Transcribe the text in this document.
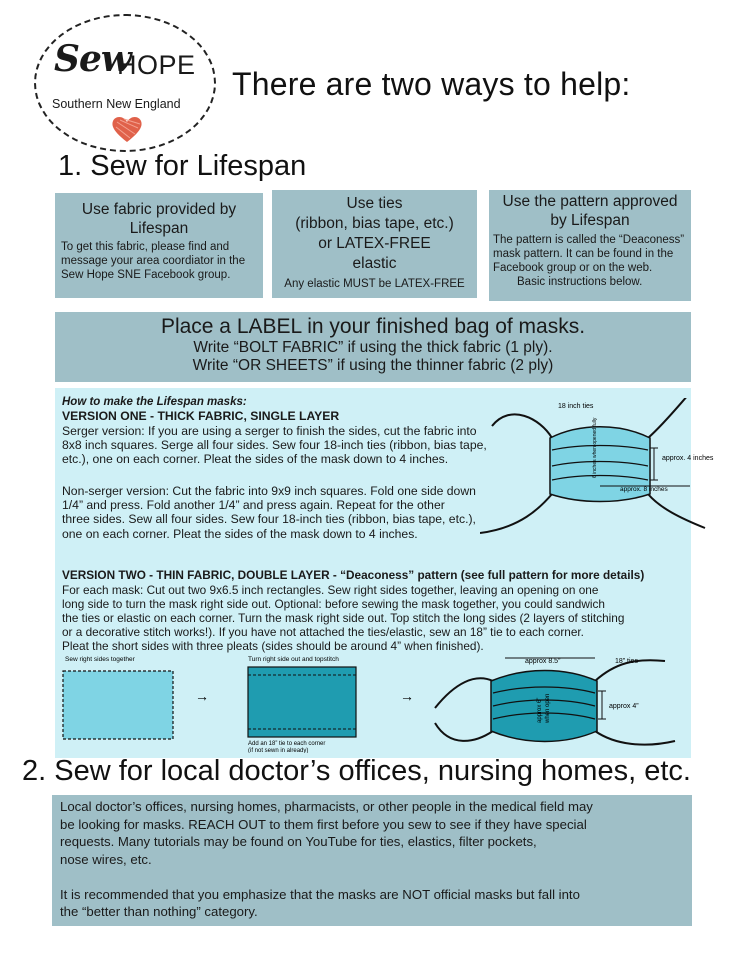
Sew
HOPE
Southern New England
There are two ways to help:
1. Sew for Lifespan
Use fabric provided by Lifespan
To get this fabric, please find and message your area coordiator in the Sew Hope SNE Facebook group.
Use ties
(ribbon, bias tape, etc.)
or LATEX-FREE
elastic
Any elastic MUST be LATEX-FREE
Use the pattern approved by Lifespan
The pattern is called the “Deaconess” mask pattern. It can be found in the Facebook group or on the web.
Basic instructions below.
Place a LABEL in your finished bag of masks.
Write “BOLT FABRIC” if using the thick fabric (1 ply).
Write “OR SHEETS” if using the thinner fabric (2 ply)
How to make the Lifespan masks:
VERSION ONE - THICK FABRIC, SINGLE LAYER
Serger version: If you are using a serger to finish the sides, cut the fabric into
8x8 inch squares. Serge all four sides. Sew four 18-inch ties (ribbon, bias tape,
etc.), one on each corner. Pleat the sides of the mask down to 4 inches.
Non-serger version: Cut the fabric into 9x9 inch squares. Fold one side down
1/4” and press. Fold another 1/4” and press again. Repeat for the other
three sides. Sew all four sides. Sew four 18-inch ties (ribbon, bias tape, etc.),
one on each corner. Pleat the sides of the mask down to 4 inches.
VERSION TWO - THIN FABRIC, DOUBLE LAYER - “Deaconess” pattern (see full pattern for more details)
For each mask: Cut out two 9x6.5 inch rectangles. Sew right sides together, leaving an opening on one
long side to turn the mask right side out. Optional: before sewing the mask together, you could sandwich
the ties or elastic on each corner. Turn the mask right side out. Top stitch the long sides (2 layers of stitching
or a decorative stitch works!). If you have not attached the ties/elastic, sew an 18” tie to each corner.
Pleat the short sides with three pleats (sides should be around 4” when finished).
18 inch ties
approx. 4 inches
approx. 8 inches
6 inches when opened fully
Sew right sides together
→
Turn right side out and topstitch
Add an 18” tie to each corner
(if not sewn in already)
→
approx 8.5”	18” ties
approx 4”
approx 6” when open
2. Sew for local doctor’s offices, nursing homes, etc.
Local doctor’s offices, nursing homes, pharmacists, or other people in the medical field may
be looking for masks. REACH OUT to them first before you sew to see if they have special
requests. Many tutorials may be found on YouTube for ties, elastics, filter pockets,
nose wires, etc.

It is recommended that you emphasize that the masks are NOT official masks but fall into
the “better than nothing” category.
